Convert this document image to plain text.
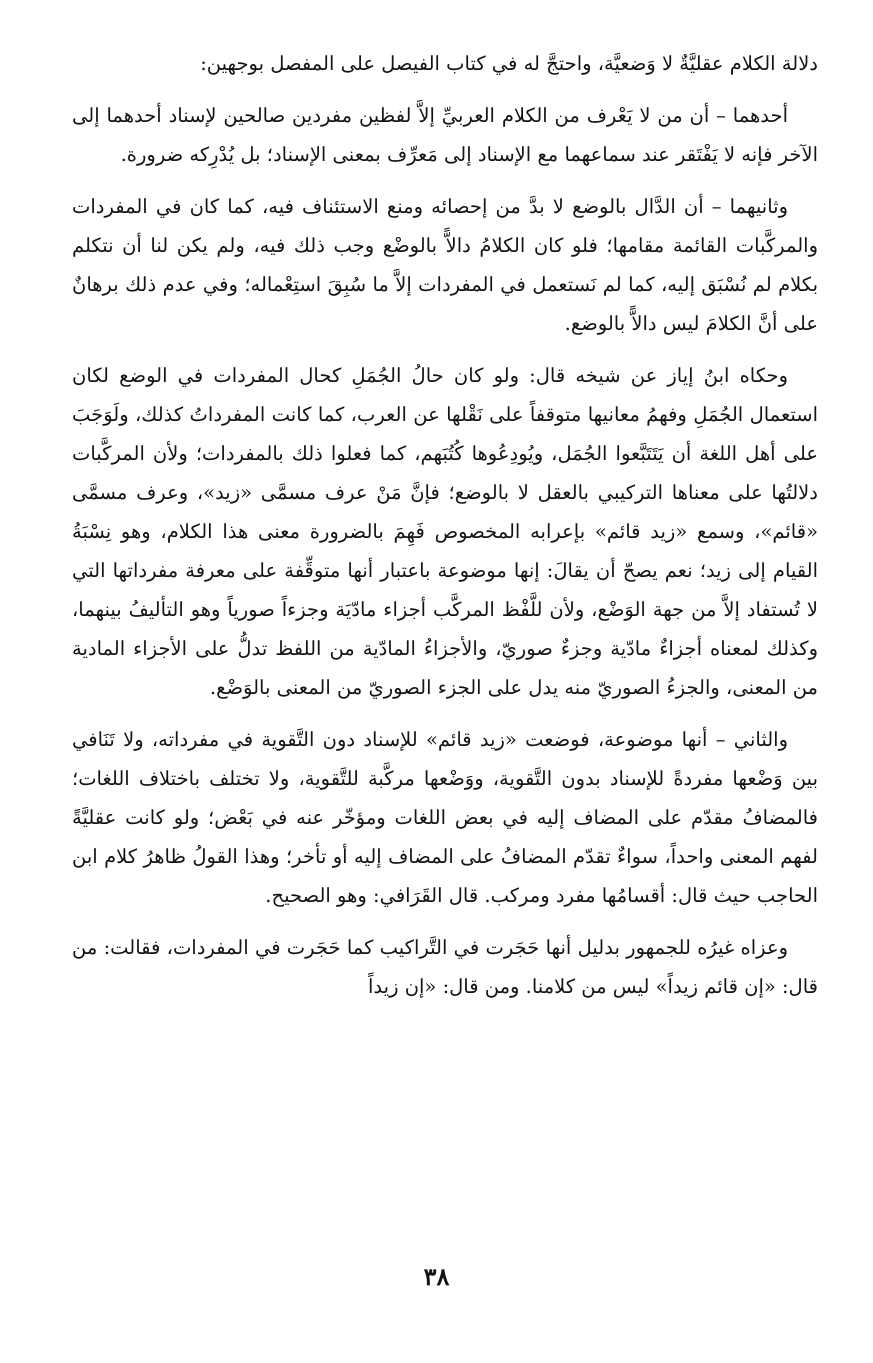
دلالة الكلام عقليَّةٌ لا وَضعيَّة، واحتجَّ له في كتاب الفيصل على المفصل بوجهين:

أحدهما – أن من لا يَعْرف من الكلام العربيِّ إلاَّ لفظين مفردين صالحين لإسناد أحدهما إلى الآخر فإنه لا يَفْتَقر عند سماعهما مع الإسناد إلى مَعرِّف بمعنى الإسناد؛ بل يُدْرِكه ضرورة.

وثانيهما – أن الدَّال بالوضع لا بدَّ من إحصائه ومنع الاستئناف فيه، كما كان في المفردات والمركَّبات القائمة مقامها؛ فلو كان الكلامُ دالاًّ بالوضْع وجب ذلك فيه، ولم يكن لنا أن نتكلم بكلام لم نُسْبَق إليه، كما لم نَستعمل في المفردات إلاَّ ما سُبِقَ استِعْماله؛ وفي عدم ذلك برهانٌ على أنَّ الكلامَ ليس دالاًّ بالوضع.

وحكاه ابنُ إياز عن شيخه قال: ولو كان حالُ الجُمَلِ كحال المفردات في الوضع لكان استعمال الجُمَلِ وفهمُ معانيها متوقفاً على نَقْلها عن العرب، كما كانت المفرداتُ كذلك، ولَوَجَبَ على أهل اللغة أن يَتَتَبَّعوا الجُمَل، ويُودِعُوها كُتُبَهم، كما فعلوا ذلك بالمفردات؛ ولأن المركَّبات دلالتُها على معناها التركيبي بالعقل لا بالوضع؛ فإنَّ مَنْ عرف مسمَّى «زيد»، وعرف مسمَّى «قائم»، وسمع «زيد قائم» بإعرابه المخصوص فَهِمَ بالضرورة معنى هذا الكلام، وهو نِسْبَةُ القيام إلى زيد؛ نعم يصحّ أن يقالَ: إنها موضوعة باعتبار أنها متوقِّفة على معرفة مفرداتها التي لا تُستفاد إلاَّ من جهة الوَضْع، ولأن للَّفْظ المركَّب أجزاء مادّيَة وجزءاً صورياً وهو التأليفُ بينهما، وكذلك لمعناه أجزاءٌ مادّية وجزءٌ صوريّ، والأجزاءُ المادّية من اللفظ تدلُّ على الأجزاء المادية من المعنى، والجزءُ الصوريّ منه يدل على الجزء الصوريّ من المعنى بالوَضْع.

والثاني – أنها موضوعة، فوضعت «زيد قائم» للإسناد دون التَّقوية في مفرداته، ولا تَنَافي بين وَضْعها مفردةً للإسناد بدون التَّقوية، ووَضْعها مركَّبة للتَّقوية، ولا تختلف باختلاف اللغات؛ فالمضافُ مقدّم على المضاف إليه في بعض اللغات ومؤخّر عنه في بَعْض؛ ولو كانت عقليَّةً لفهم المعنى واحداً، سواءٌ تقدّم المضافُ على المضاف إليه أو تأخر؛ وهذا القولُ ظاهرُ كلام ابن الحاجب حيث قال: أقسامُها مفرد ومركب. قال القَرَافي: وهو الصحيح.

وعزاه غيرُه للجمهور بدليل أنها حَجَرت في التَّراكيب كما حَجَرت في المفردات، فقالت: من قال: «إن قائم زيداً» ليس من كلامنا. ومن قال: «إن زيداً

٣٨
